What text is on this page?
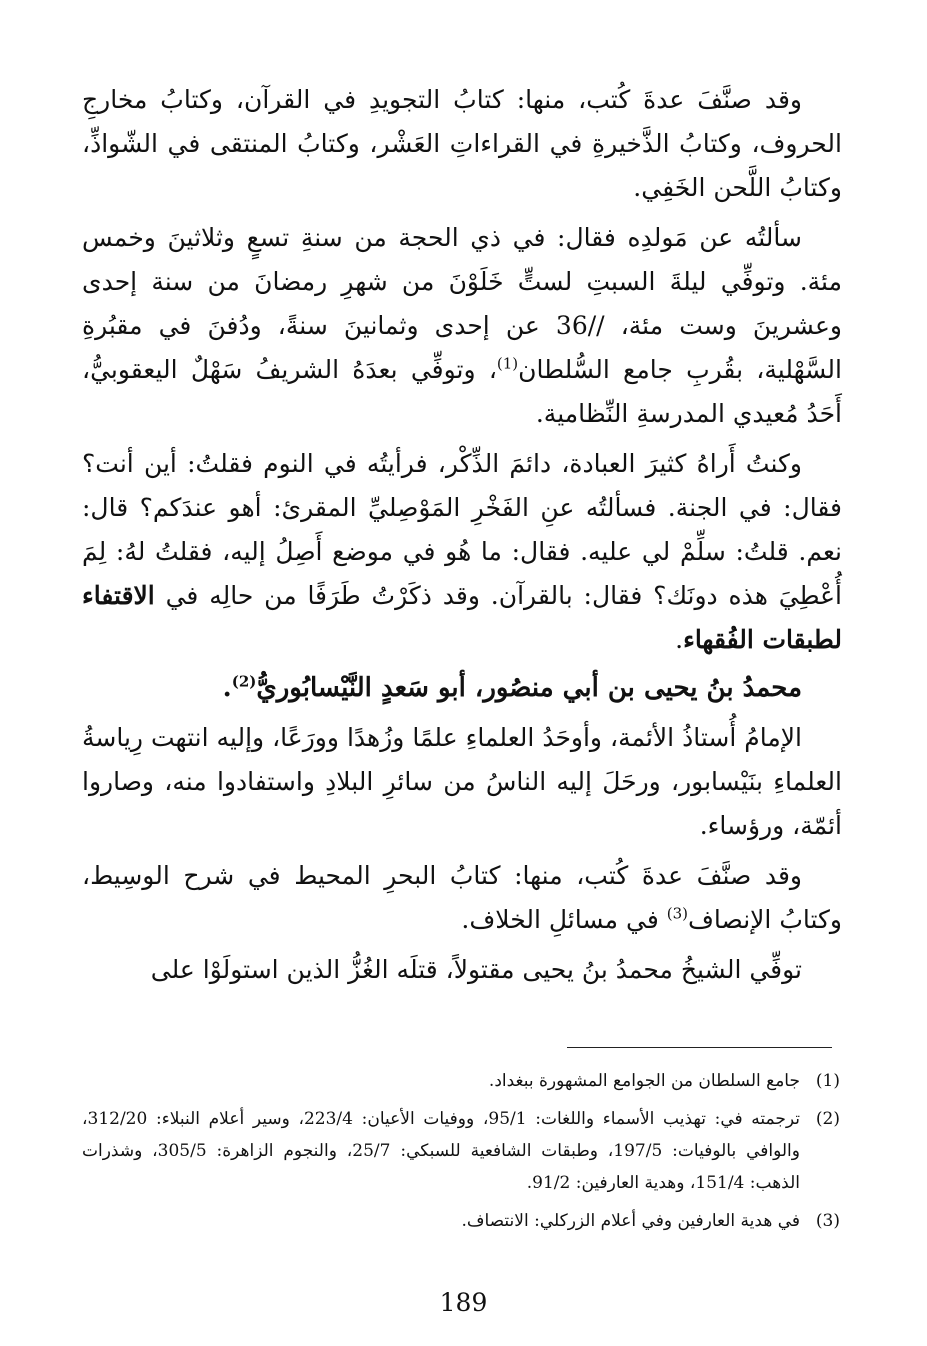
وقد صنَّفَ عدةَ كُتب، منها: كتابُ التجويدِ في القرآن، وكتابُ مخارجِ الحروف، وكتابُ الذَّخيرةِ في القراءاتِ العَشْر، وكتابُ المنتقى في الشّواذِّ، وكتابُ اللَّحن الخَفِي.

سألتُه عن مَولدِه فقال: في ذي الحجة من سنةِ تسعٍ وثلاثينَ وخمس مئة. وتوفِّي ليلةَ السبتِ لستٍّ خَلَوْنَ من شهرِ رمضانَ من سنة إحدى وعشرينَ وست مئة، //36 عن إحدى وثمانينَ سنةً، ودُفنَ في مقبُرةِ السَّهْلية، بقُربِ جامع السُّلطان$^{(1)}$، وتوفِّي بعدَهُ الشريفُ سَهْلٌ اليعقوبيُّ، أَحَدُ مُعيدي المدرسةِ النِّظامية.

وكنتُ أَراهُ كثيرَ العبادة، دائمَ الذِّكْر، فرأيتُه في النوم فقلتُ: أين أنت؟ فقال: في الجنة. فسألتُه عنِ الفَخْرِ المَوْصِليِّ المقرئ: أهو عندَكم؟ قال: نعم. قلتُ: سلِّمْ لي عليه. فقال: ما هُو في موضع أَصِلُ إليه، فقلتُ لهُ: لِمَ أُعْطِيَ هذه دونَك؟ فقال: بالقرآن. وقد ذكَرْتُ طَرَفًا من حالِه في الاقتفاء لطبقات الفُقهاء.

محمدُ بنُ يحيى بن أبي منصُور، أبو سَعدٍ النَّيْسابُوريُّ$^{(2)}$.

الإمامُ أُستاذُ الأئمة، وأوحَدُ العلماءِ علمًا وزُهدًا وورَعًا، وإليه انتهت رِياسةُ العلماءِ بنَيْسابور، ورحَلَ إليه الناسُ من سائرِ البلادِ واستفادوا منه، وصاروا أئمّة، ورؤساء.

وقد صنَّفَ عدةَ كُتب، منها: كتابُ البحرِ المحيط في شرح الوسِيط، وكتابُ الإنصاف$^{(3)}$ في مسائلِ الخلاف.

توفِّي الشيخُ محمدُ بنُ يحيى مقتولاً، قتلَه الغُزُّ الذين استولَوْا على

(1)
جامع السلطان من الجوامع المشهورة ببغداد.
(2)
ترجمته في: تهذيب الأسماء واللغات: 95/1، ووفيات الأعيان: 223/4، وسير أعلام النبلاء: 312/20، والوافي بالوفيات: 197/5، وطبقات الشافعية للسبكي: 25/7، والنجوم الزاهرة: 305/5، وشذرات الذهب: 151/4، وهدية العارفين: 91/2.
(3)
في هدية العارفين وفي أعلام الزركلي: الانتصاف.
189
